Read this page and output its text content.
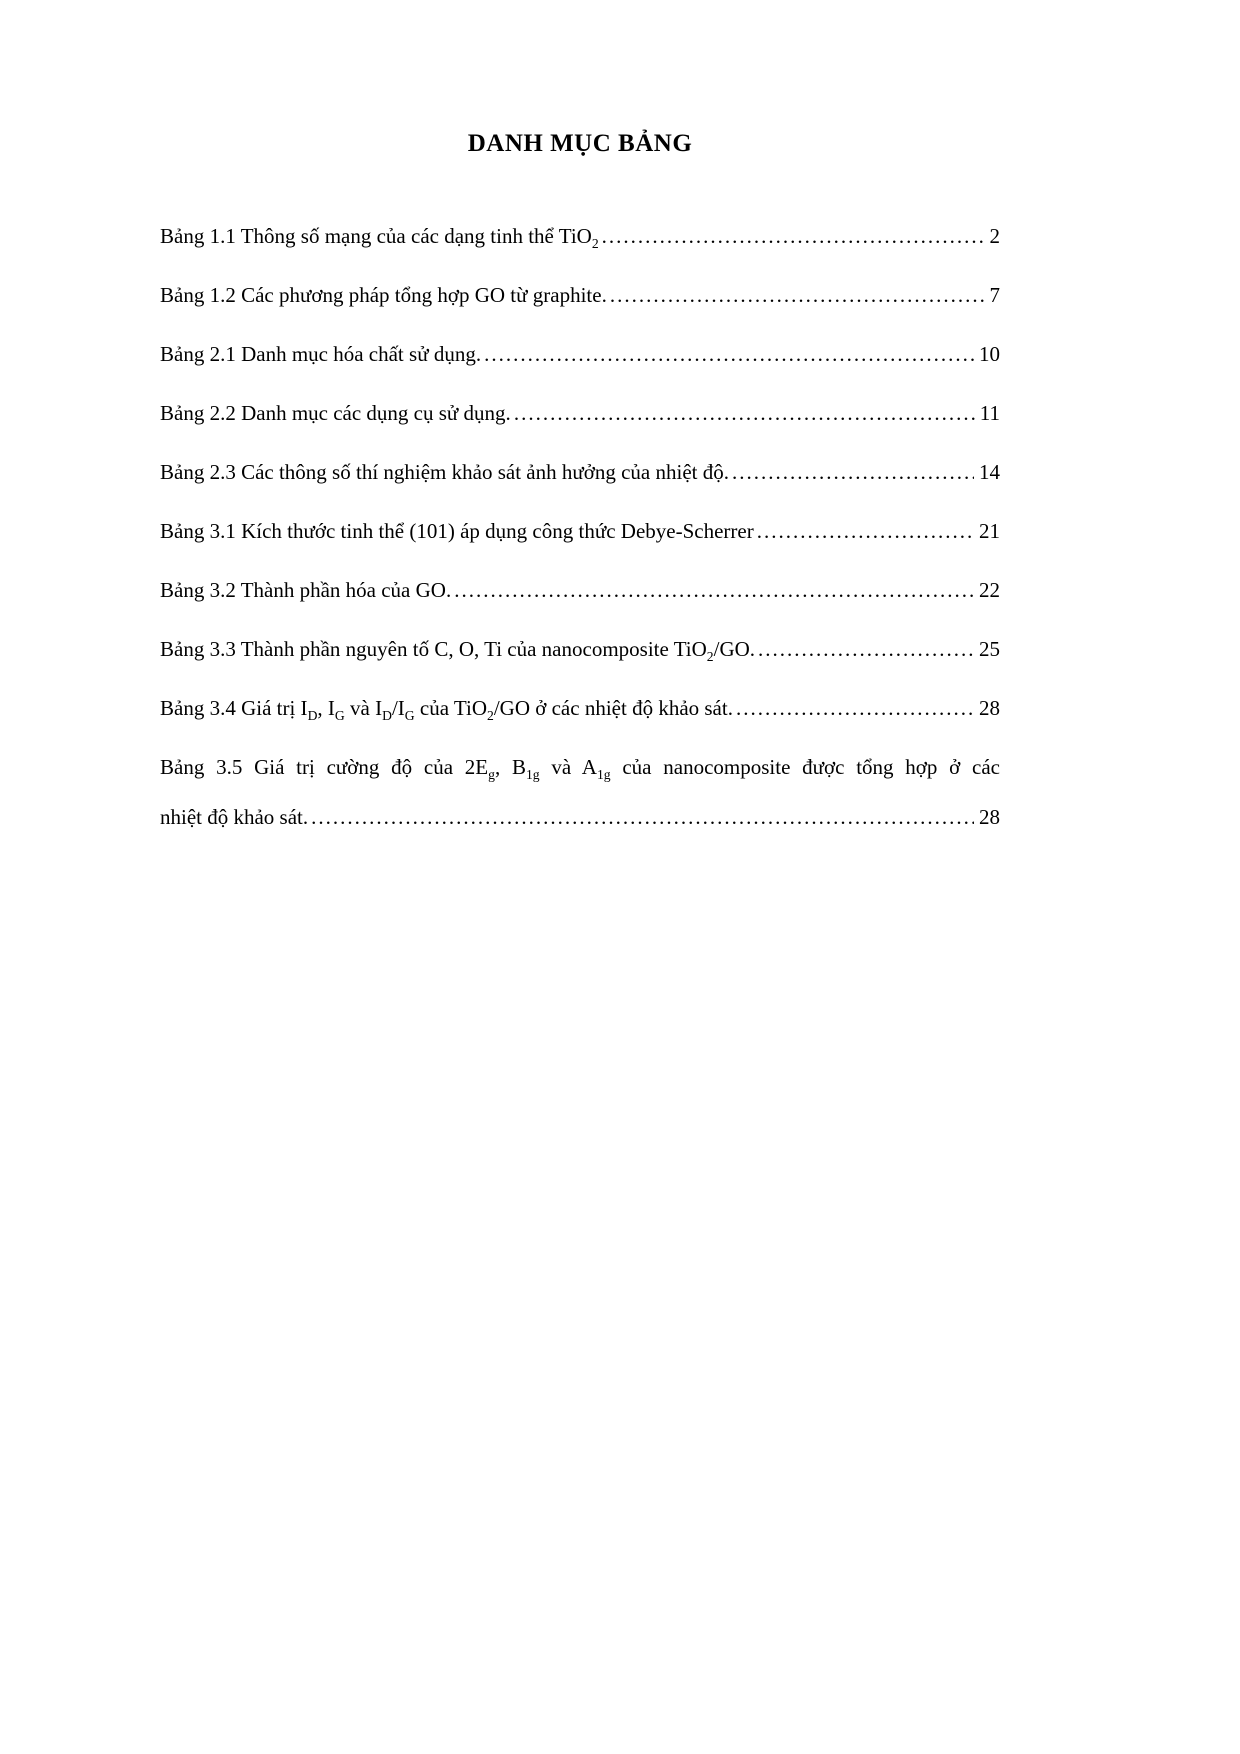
DANH MỤC BẢNG
Bảng 1.1 Thông số mạng của các dạng tinh thể TiO$_2$ .....	2
Bảng 1.2 Các phương pháp tổng hợp GO từ graphite. .....	7
Bảng 2.1 Danh mục hóa chất sử dụng. .....	10
Bảng 2.2 Danh mục các dụng cụ sử dụng. .....	11
Bảng 2.3 Các thông số thí nghiệm khảo sát ảnh hưởng của nhiệt độ. .....	14
Bảng 3.1 Kích thước tinh thể (101) áp dụng công thức Debye-Scherrer .....	21
Bảng 3.2 Thành phần hóa của GO. .....	22
Bảng 3.3 Thành phần nguyên tố C, O, Ti của nanocomposite TiO$_2$/GO. .....	25
Bảng 3.4 Giá trị $I_D$, $I_G$ và $I_D/I_G$ của TiO$_2$/GO ở các nhiệt độ khảo sát. .....	28
Bảng 3.5 Giá trị cường độ của $2E_g$, $B_{1g}$ và $A_{1g}$ của nanocomposite được tổng hợp ở các
nhiệt độ khảo sát. .....	28
